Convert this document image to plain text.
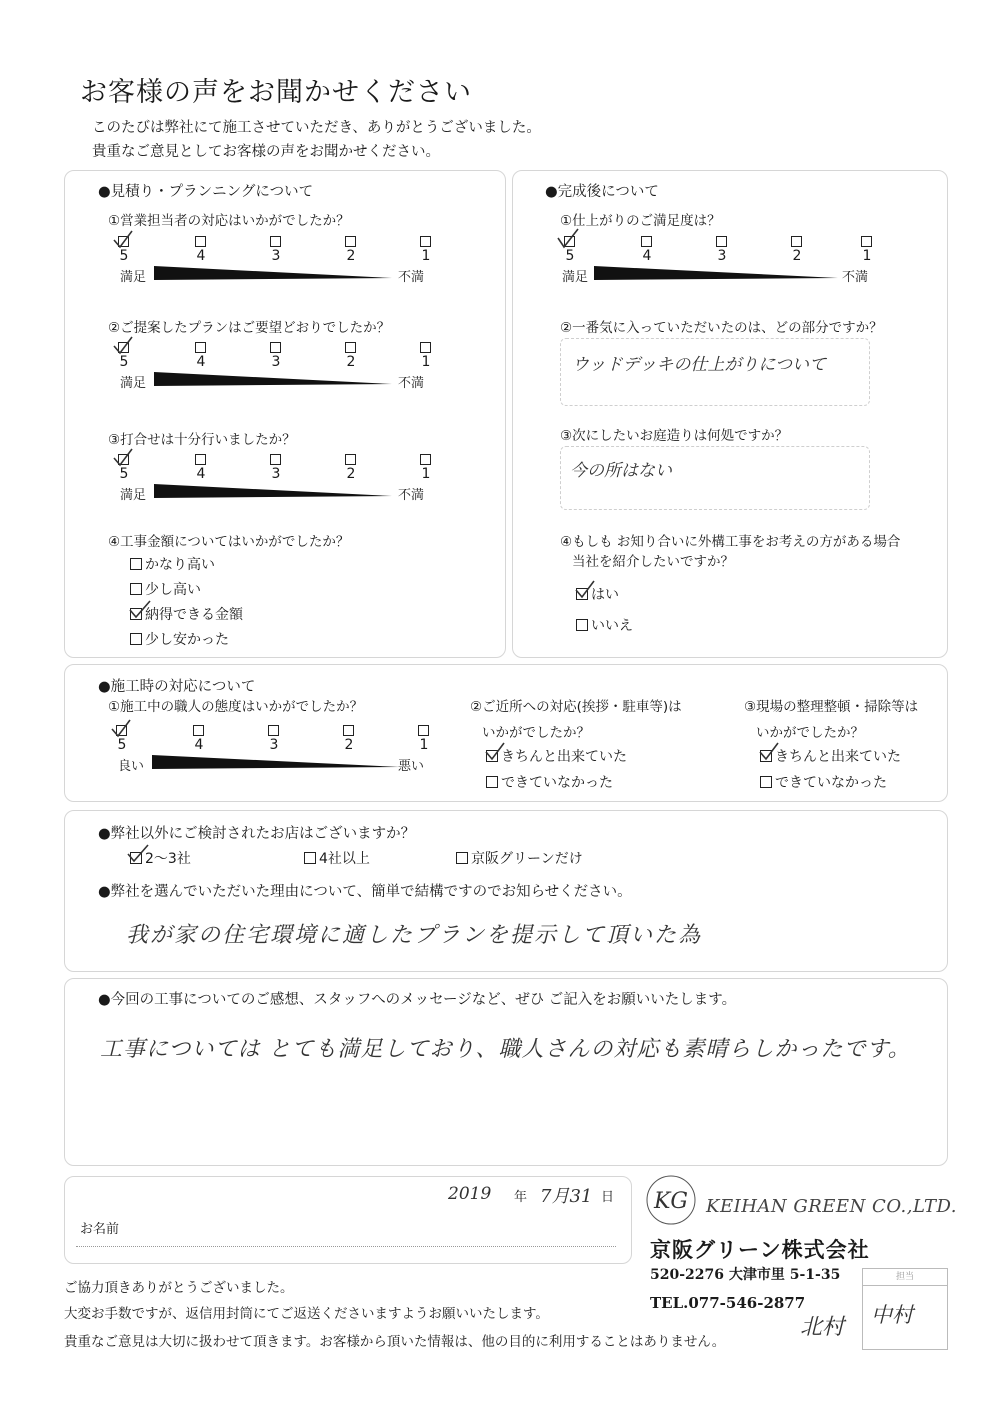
お客様の声をお聞かせください
このたびは弊社にて施工させていただき、ありがとうございました。
貴重なご意見としてお客様の声をお聞かせください。
●見積り・プランニングについて
①営業担当者の対応はいかがでしたか？
5	4	3	2	1
満足	不満
②ご提案したプランはご要望どおりでしたか？
5	4	3	2	1
満足	不満
③打合せは十分行いましたか？
5	4	3	2	1
満足	不満
④工事金額についてはいかがでしたか？
かなり高い
少し高い
納得できる金額
少し安かった
●完成後について
①仕上がりのご満足度は？
5	4	3	2	1
満足	不満
②一番気に入っていただいたのは、どの部分ですか？
ウッドデッキの仕上がりについて
③次にしたいお庭造りは何処ですか？
今の所はない
④もしも お知り合いに外構工事をお考えの方がある場合
当社を紹介したいですか？
はい
いいえ
●施工時の対応について
①施工中の職人の態度はいかがでしたか？
5	4	3	2	1
良い	悪い
②ご近所への対応(挨拶・駐車等)は
いかがでしたか？
きちんと出来ていた
できていなかった
③現場の整理整頓・掃除等は
いかがでしたか？
きちんと出来ていた
できていなかった
●弊社以外にご検討されたお店はございますか？
2～3社	4社以上	京阪グリーンだけ
●弊社を選んでいただいた理由について、簡単で結構ですのでお知らせください。
我が家の住宅環境に適したプランを提示して頂いた為
●今回の工事についてのご感想、スタッフへのメッセージなど、ぜひ ご記入をお願いいたします。
工事については とても満足しており、職人さんの対応も素晴らしかったです。
2019 年 7月31 日
お名前
KG KEIHAN GREEN CO.,LTD.
京阪グリーン株式会社
520-2276 大津市里 5-1-35
TEL.077-546-2877
北村
担当
中村
ご協力頂きありがとうございました。
大変お手数ですが、返信用封筒にてご返送くださいますようお願いいたします。
貴重なご意見は大切に扱わせて頂きます。お客様から頂いた情報は、他の目的に利用することはありません。
